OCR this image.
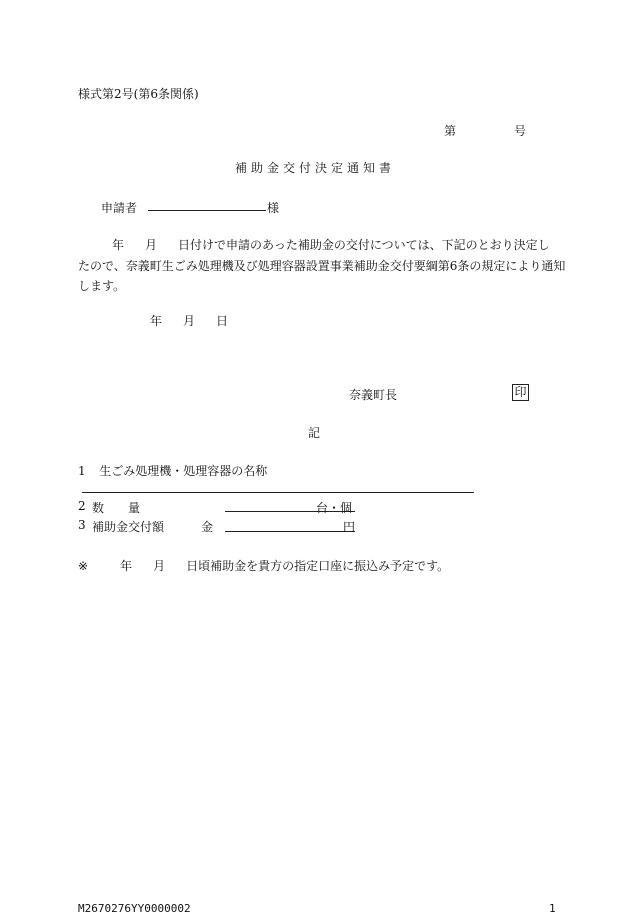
様式第2号(第6条関係)
第	号
補助金交付決定通知書
申請者	様
年 月 日付けで申請のあった補助金の交付については、下記のとおり決定し
たので、奈義町生ごみ処理機及び処理容器設置事業補助金交付要綱第6条の規定により通知
します。
年 月 日
奈義町長	印
記
1 生ごみ処理機・処理容器の名称
2 数　　量	台・個
3 補助金交付額	金	円
※	年 月 日頃補助金を貴方の指定口座に振込み予定です。
M2670276YY0000002	1
